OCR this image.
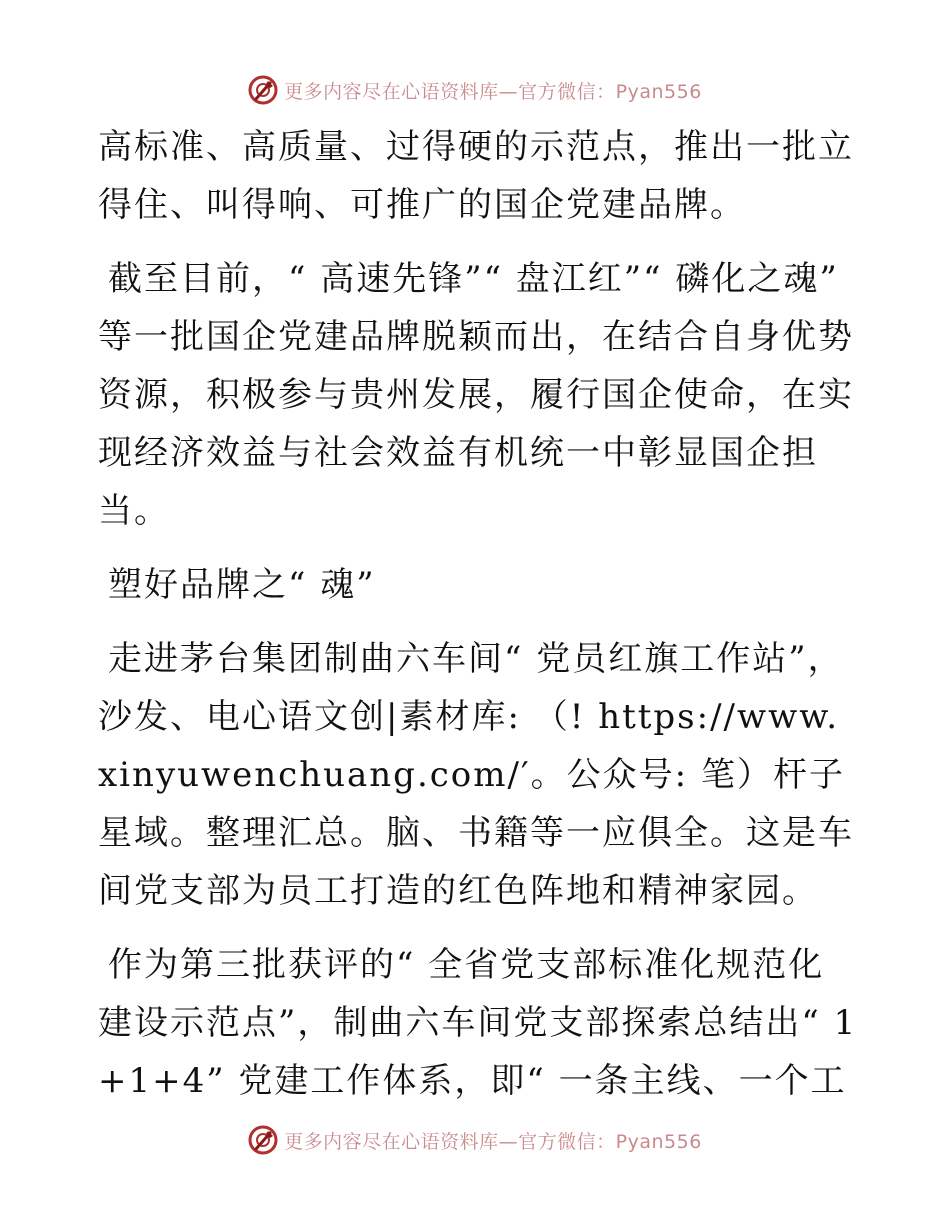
更多内容尽在心语资料库—官方微信：Pyan556

高标准、高质量、过得硬的示范点，推出一批立得住、叫得响、可推广的国企党建品牌。

截至目前，“ 高速先锋”“ 盘江红”“ 磷化之魂” 等一批国企党建品牌脱颖而出，在结合自身优势资源，积极参与贵州发展，履行国企使命，在实现经济效益与社会效益有机统一中彰显国企担当。

塑好品牌之“ 魂”

走进茅台集团制曲六车间“ 党员红旗工作站”，沙发、电心语文创|素材库: （! https://www.xinyuwenchuang.com/′。公众号: 笔）杆子星域。整理汇总。脑、书籍等一应俱全。这是车间党支部为员工打造的红色阵地和精神家园。

作为第三批获评的“ 全省党支部标准化规范化建设示范点”，制曲六车间党支部探索总结出“ 1+1+4” 党建工作体系，即“ 一条主线、一个工

更多内容尽在心语资料库—官方微信：Pyan556
